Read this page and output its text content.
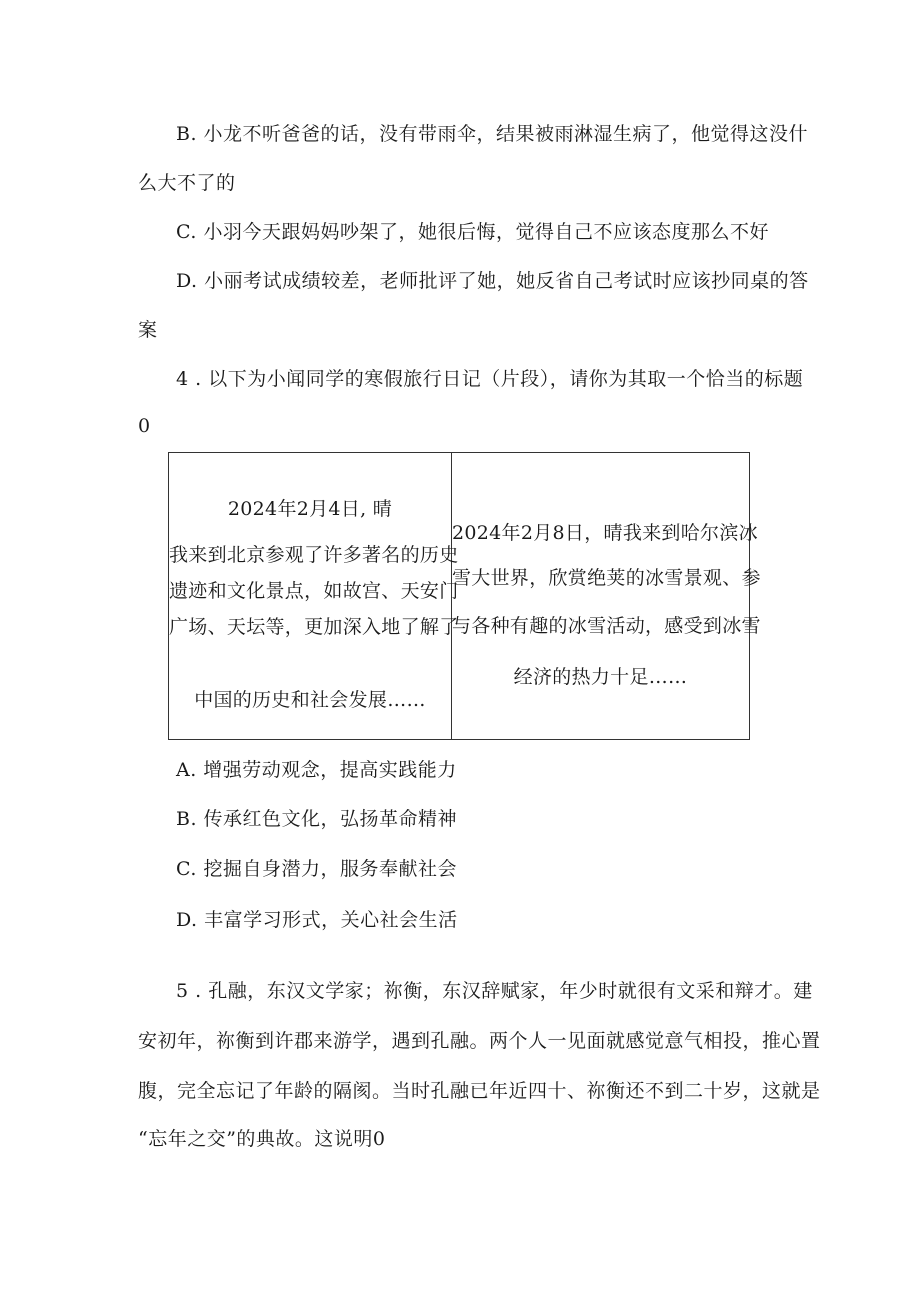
B. 小龙不听爸爸的话，没有带雨伞，结果被雨淋湿生病了，他觉得这没什
么大不了的
C. 小羽今天跟妈妈吵架了，她很后悔，觉得自己不应该态度那么不好
D. 小丽考试成绩较差，老师批评了她，她反省自己考试时应该抄同桌的答
案
4 . 以下为小闻同学的寒假旅行日记（片段），请你为其取一个恰当的标题
0
2024年2月4日, 晴
我来到北京参观了许多著名的历史
遗迹和文化景点，如故宫、天安门
广场、天坛等，更加深入地了解了
中国的历史和社会发展……
2024年2月8日，晴我来到哈尔滨冰
雪大世界，欣赏绝荚的冰雪景观、参
与各种有趣的冰雪活动，感受到冰雪
经济的热力十足……
A. 增强劳动观念，提高实践能力
B. 传承红色文化，弘扬革命精神
C. 挖掘自身潜力，服务奉献社会
D. 丰富学习形式，关心社会生活
5 . 孔融，东汉文学家；祢衡，东汉辞赋家，年少时就很有文采和辩才。建
安初年，祢衡到许郡来游学，遇到孔融。两个人一见面就感觉意气相投，推心置
腹，完全忘记了年龄的隔阂。当时孔融已年近四十、祢衡还不到二十岁，这就是
“忘年之交”的典故。这说明0
